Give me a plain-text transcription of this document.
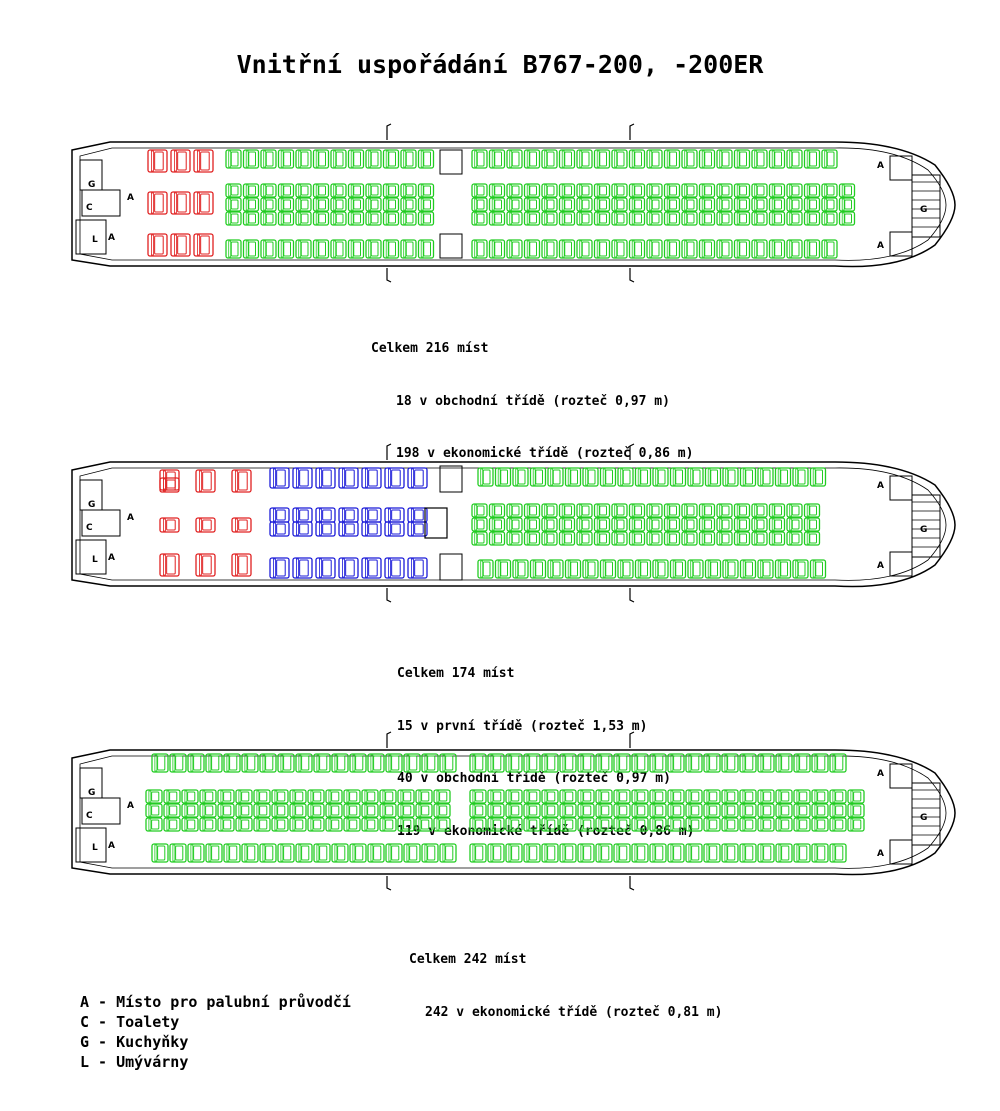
Vnitřní uspořádání B767-200, -200ER
G
C
L
A
A
A
A
G

Celkem 216 míst

18 v obchodní třídě (rozteč 0,97 m)

198 v ekonomické třídě (rozteč 0,86 m)

G
C
L
A
A
A
A
G

Celkem 174 míst

15 v první třídě (rozteč 1,53 m)

40 v obchodní třídě (rozteč 0,97 m)

119 v ekonomické třídě (rozteč 0,86 m)

G
C
L
A
A
A
A
G

Celkem 242 míst

242 v ekonomické třídě (rozteč 0,81 m)

A - Místo pro palubní průvodčí
C - Toalety
G - Kuchyňky
L - Umývárny
